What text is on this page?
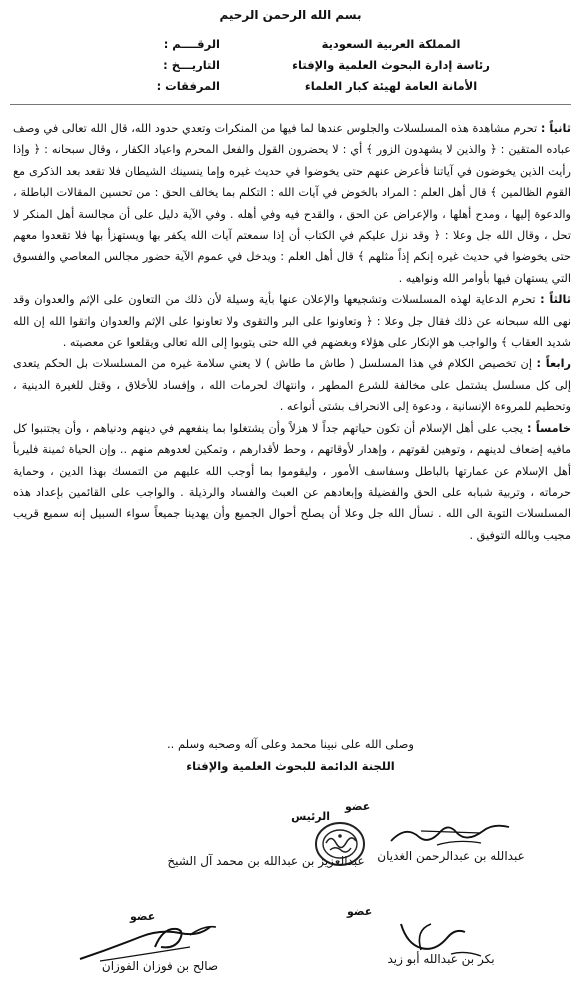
بسم الله الرحمن الرحيم
المملكة العربية السعودية
رئاسة إدارة البحوث العلمية والإفتاء
الأمانة العامة لهيئة كبار العلماء
الرقــــم :
التاريـــخ :
المرفقات :

ثانياً : تحرم مشاهدة هذه المسلسلات والجلوس عندها لما فيها من المنكرات وتعدي حدود الله، قال الله تعالى في وصف عباده المتقين : ﴿ والذين لا يشهدون الزور ﴾ أي : لا يحضرون القول والفعل المحرم واعياد الكفار ، وقال سبحانه : ﴿ وإذا رأيت الذين يخوضون في آياتنا فأعرض عنهم حتى يخوضوا في حديث غيره وإما ينسينك الشيطان فلا تقعد بعد الذكرى مع القوم الظالمين ﴾ قال أهل العلم : المراد بالخوض في آيات الله : التكلم بما يخالف الحق : من تحسين المقالات الباطلة ، والدعوة إليها ، ومدح أهلها ، والإعراض عن الحق ، والقدح فيه وفي أهله . وفي الآية دليل على أن مجالسة أهل المنكر لا تحل ، وقال الله جل وعلا : ﴿ وقد نزل عليكم في الكتاب أن إذا سمعتم آيات الله يكفر بها ويستهزأ بها فلا تقعدوا معهم حتى يخوضوا في حديث غيره إنكم إذاً مثلهم ﴾ قال أهل العلم : ويدخل في عموم الآية حضور مجالس المعاصي والفسوق التي يستهان فيها بأوامر الله ونواهيه .

ثالثاً : تحرم الدعاية لهذه المسلسلات وتشجيعها والإعلان عنها بأية وسيلة لأن ذلك من التعاون على الإثم والعدوان وقد نهى الله سبحانه عن ذلك فقال جل وعلا : ﴿ وتعاونوا على البر والتقوى ولا تعاونوا على الإثم والعدوان واتقوا الله إن الله شديد العقاب ﴾ والواجب هو الإنكار على هؤلاء وبغضهم في الله حتى يتوبوا إلى الله تعالى ويقلعوا عن معصيته .

رابعاً : إن تخصيص الكلام في هذا المسلسل ( طاش ما طاش ) لا يعني سلامة غيره من المسلسلات بل الحكم يتعدى إلى كل مسلسل يشتمل على مخالفة للشرع المطهر ، وانتهاك لحرمات الله ، وإفساد للأخلاق ، وقتل للغيرة الدينية ، وتحطيم للمروءة الإنسانية ، ودعوة إلى الانحراف بشتى أنواعه .

خامساً : يجب على أهل الإسلام أن تكون حياتهم جداً لا هزلاً وأن يشتغلوا بما ينفعهم في دينهم ودنياهم ، وأن يجتنبوا كل مافيه إضعاف لدينهم ، وتوهين لقوتهم ، وإهدار لأوقاتهم ، وحط لأقدارهم ، وتمكين لعدوهم منهم .. وإن الحياة ثمينة فليربأ أهل الإسلام عن عمارتها بالباطل وسفاسف الأمور ، وليقوموا بما أوجب الله عليهم من التمسك بهذا الدين ، وحماية حرماته ، وتربية شبابه على الحق والفضيلة وإبعادهم عن العبث والفساد والرذيلة . والواجب على القائمين بإعداد هذه المسلسلات التوبة الى الله . نسأل الله جل وعلا أن يصلح أحوال الجميع وأن يهدينا جميعاً سواء السبيل إنه سميع قريب مجيب وبالله التوفيق .

وصلى الله على نبينا محمد وعلى آله وصحبه وسلم ..
اللجنة الدائمة للبحوث العلمية والإفتاء
الرئيس
عبدالعزيز بن عبدالله بن محمد آل الشيخ
عضو
عبدالله بن عبدالرحمن الغديان
عضو
صالح بن فوزان الفوزان
عضو
بكر بن عبدالله أبو زيد
